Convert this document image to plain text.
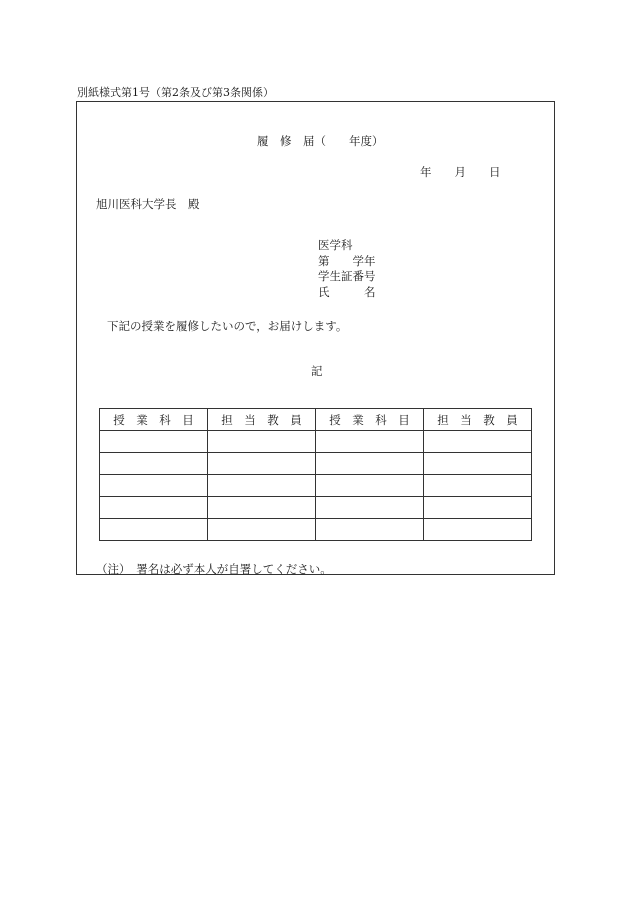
別紙様式第1号（第2条及び第3条関係）
履　修　届（　　年度）
年　　月　　日
旭川医科大学長　殿
医学科
第　　学年
学生証番号
氏　　　名
下記の授業を履修したいので，お届けします。
記
授　業　科　目	担　当　教　員	授　業　科　目	担　当　教　員

（注）　署名は必ず本人が自署してください。
